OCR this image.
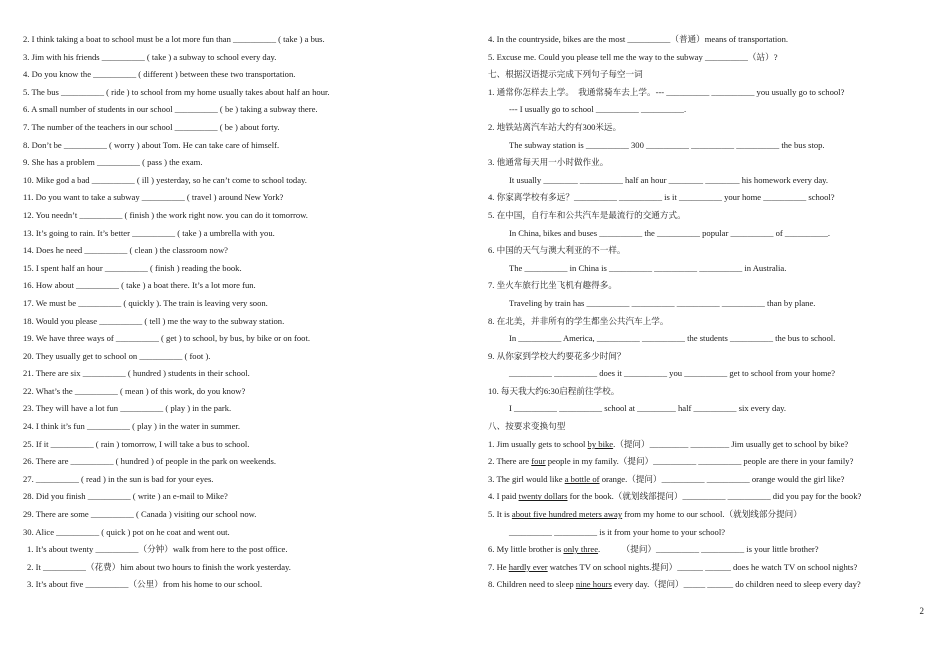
2. I think taking a boat to school must be a lot more fun than __________ ( take ) a bus.
3. Jim with his friends __________ ( take ) a subway to school every day.
4. Do you know the __________ ( different ) between these two transportation.
5. The bus __________ ( ride ) to school from my home usually takes about half an hour.
6. A small number of students in our school __________ ( be ) taking a subway there.
7. The number of the teachers in our school __________ ( be ) about forty.
8. Don’t be __________ ( worry ) about Tom. He can take care of himself.
9. She has a problem __________ ( pass ) the exam.
10. Mike god a bad __________ ( ill ) yesterday, so he can’t come to school today.
11. Do you want to take a subway __________ ( travel ) around New York?
12. You needn’t __________ ( finish ) the work right now. you can do it tomorrow.
13. It’s going to rain. It’s better __________ ( take ) a umbrella with you.
14. Does he need __________ ( clean ) the classroom now?
15. I spent half an hour __________ ( finish ) reading the book.
16. How about __________ ( take ) a boat there. It’s a lot more fun.
17. We must be __________ ( quickly ). The train is leaving very soon.
18. Would you please __________ ( tell ) me the way to the subway station.
19. We have three ways of __________ ( get ) to school, by bus, by bike or on foot.
20. They usually get to school on __________ ( foot ).
21. There are six __________ ( hundred ) students in their school.
22. What’s the __________ ( mean ) of this work, do you know?
23. They will have a lot fun __________ ( play ) in the park.
24. I think it’s fun __________ ( play ) in the water in summer.
25. If it __________ ( rain ) tomorrow, I will take a bus to school.
26. There are __________ ( hundred ) of people in the park on weekends.
27. __________ ( read ) in the sun is bad for your eyes.
28. Did you finish __________ ( write ) an e-mail to Mike?
29. There are some __________ ( Canada ) visiting our school now.
30. Alice __________ ( quick ) pot on he coat and went out.
1. It’s about twenty __________（分钟）walk from here to the post office.
2. It __________（花费）him about two hours to finish the work yesterday.
3. It’s about five __________（公里）from his home to our school.
4. In the countryside, bikes are the most __________（普通）means of transportation.
5. Excuse me. Could you please tell me the way to the subway __________（站）?
七、根据汉语提示完成下列句子每空一词
1. 通常你怎样去上学。　我通常骑车去上学。--- __________ __________ you usually go to school?
--- I usually go to school __________ __________.
2. 地铁站离汽车站大约有300米远。
The subway station is __________ 300 __________ __________ __________ the bus stop.
3. 他通常每天用一小时做作业。
It usually ________ __________ half an hour ________ ________ his homework every day.
4. 你家离学校有多远？__________ __________ is it __________ your home __________ school?
5. 在中国，自行车和公共汽车是最流行的交通方式。
In China, bikes and buses __________ the __________ popular __________ of __________.
6. 中国的天气与澳大利亚的不一样。
The __________ in China is __________ __________ __________ in Australia.
7. 坐火车旅行比坐飞机有趣得多。
Traveling by train has __________ __________ __________ __________ than by plane.
8. 在北美，并非所有的学生都坐公共汽车上学。
In __________ America, __________ __________ the students __________ the bus to school.
9. 从你家到学校大约要花多少时间？
__________ __________ does it __________ you __________ get to school from your home?
10. 每天我大约6:30启程前往学校。
I __________ __________ school at _________ half __________ six every day.
八、按要求变换句型
1. Jim usually gets to school by bike.（提问）_________ _________ Jim usually get to school by bike?
2. There are four people in my family.（提问）__________ __________ people are there in your family?
3. The girl would like a bottle of orange.（提问）__________ __________ orange would the girl like?
4. I paid twenty dollars for the book.（就划线部提问）__________ __________ did you pay for the book?
5. It is about five hundred meters away from my home to our school.（就划线部分提问）
__________ __________ is it from your home to your school?
6. My little brother is only three.　　　（提问）__________ __________ is your little brother?
7. He hardly ever watches TV on school nights.提问）______ ______ does he watch TV on school nights?
8. Children need to sleep nine hours every day.（提问）_____ ______ do children need to sleep every day?
2
